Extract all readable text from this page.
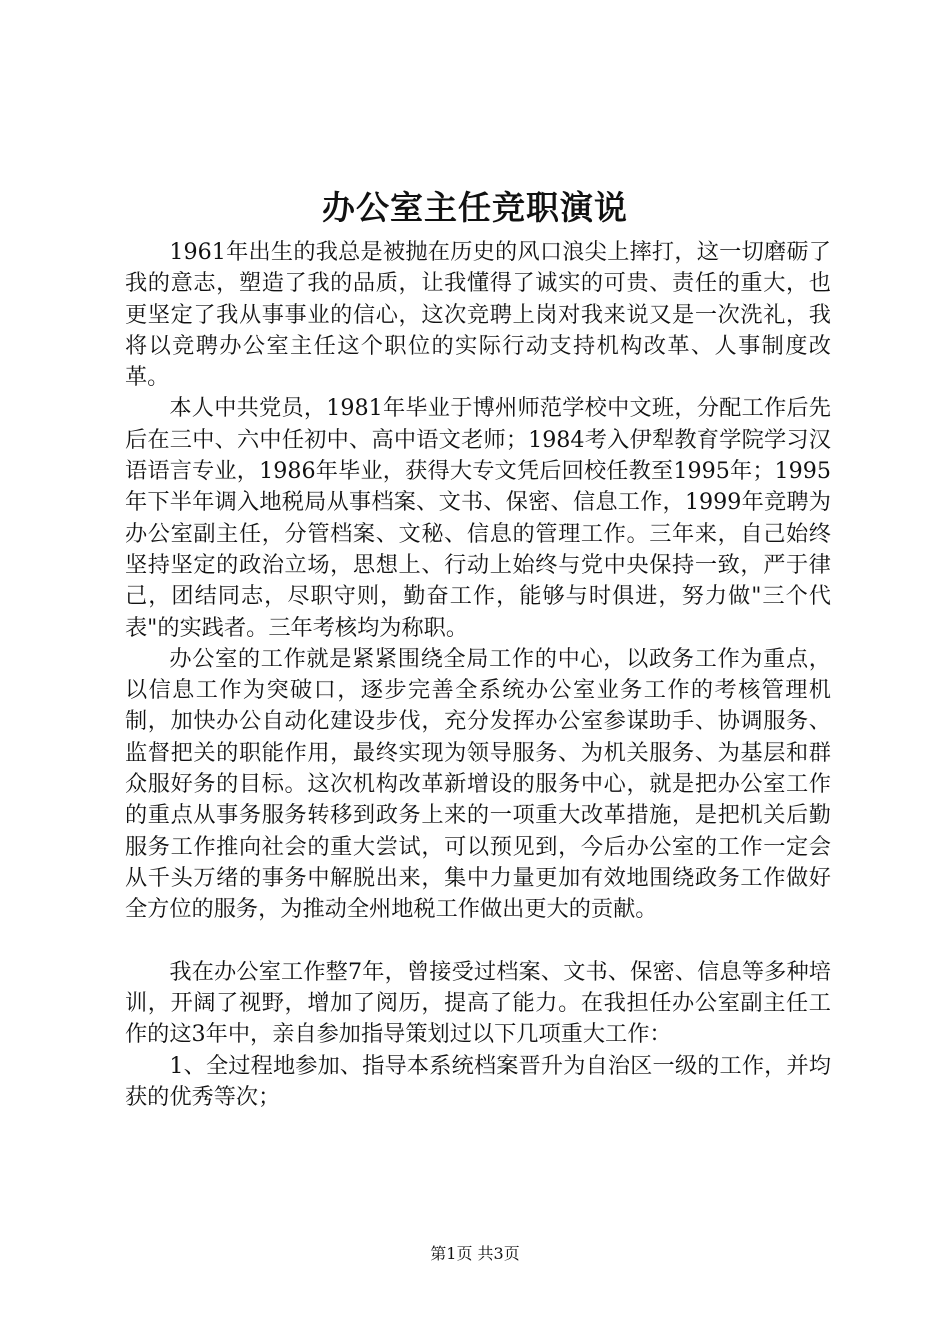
办公室主任竞职演说

1961年出生的我总是被抛在历史的风口浪尖上摔打，这一切磨砺了我的意志，塑造了我的品质，让我懂得了诚实的可贵、责任的重大，也更坚定了我从事事业的信心，这次竞聘上岗对我来说又是一次洗礼，我将以竞聘办公室主任这个职位的实际行动支持机构改革、人事制度改革。

本人中共党员，1981年毕业于博州师范学校中文班，分配工作后先后在三中、六中任初中、高中语文老师；1984考入伊犁教育学院学习汉语语言专业，1986年毕业，获得大专文凭后回校任教至1995年；1995年下半年调入地税局从事档案、文书、保密、信息工作，1999年竞聘为办公室副主任，分管档案、文秘、信息的管理工作。三年来，自己始终坚持坚定的政治立场，思想上、行动上始终与党中央保持一致，严于律己，团结同志，尽职守则，勤奋工作，能够与时俱进，努力做"三个代表"的实践者。三年考核均为称职。

办公室的工作就是紧紧围绕全局工作的中心，以政务工作为重点，以信息工作为突破口，逐步完善全系统办公室业务工作的考核管理机制，加快办公自动化建设步伐，充分发挥办公室参谋助手、协调服务、监督把关的职能作用，最终实现为领导服务、为机关服务、为基层和群众服好务的目标。这次机构改革新增设的服务中心，就是把办公室工作的重点从事务服务转移到政务上来的一项重大改革措施，是把机关后勤服务工作推向社会的重大尝试，可以预见到，今后办公室的工作一定会从千头万绪的事务中解脱出来，集中力量更加有效地围绕政务工作做好全方位的服务，为推动全州地税工作做出更大的贡献。

我在办公室工作整7年，曾接受过档案、文书、保密、信息等多种培训，开阔了视野，增加了阅历，提高了能力。在我担任办公室副主任工作的这3年中，亲自参加指导策划过以下几项重大工作：

1、全过程地参加、指导本系统档案晋升为自治区一级的工作，并均获的优秀等次；

第1页 共3页
